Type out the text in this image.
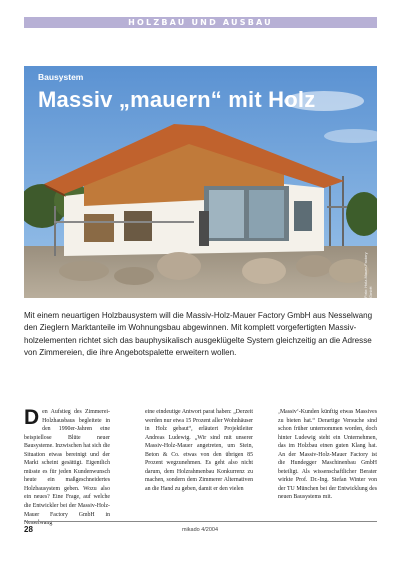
HOLZBAU UND AUSBAU
Bausystem
Massiv „mauern“ mit Holz
Foto: Holz-Mauer-Factory GmbH

Mit einem neuartigen Holzbausystem will die Massiv-Holz-Mauer Factory GmbH aus Nesselwang den Zieglern Marktanteile im Wohnungsbau abgewinnen. Mit komplett vorgefertigten Massiv- holzelementen richtet sich das bauphysikalisch ausgeklügelte System gleichzeitig an die Adresse von Zimmereien, die ihre Angebotspalette erweitern wollen.

D en Aufstieg des Zimmerei-Holzhausbaus begleitete in den 1990er-Jahren eine beispiellose Blüte neuer Bausysteme. Inzwischen hat sich die Situation etwas bereinigt und der Markt scheint gesättigt. Eigentlich müsste es für jeden Kundenwunsch heute ein maßgeschneidertes Holzbausystem geben. Wozu also ein neues? Eine Frage, auf welche die Entwickler bei der Massiv-Holz-Mauer Factory GmbH in Nesselwang
eine eindeutige Antwort parat haben: „Derzeit werden nur etwa 15 Prozent aller Wohnhäuser in Holz gebaut“, erläutert Projektleiter Andreas Ludewig. „Wir sind mit unserer Massiv-Holz-Mauer angetreten, um Stein, Beton & Co. etwas von den übrigen 85 Prozent wegzunehmen. Es geht also nicht darum, dem Holzrahmenbau Konkurrenz zu machen, sondern dem Zimmerer Alternativen an die Hand zu geben, damit er den vielen
‚Massiv‘-Kunden künftig etwas Massives zu bieten hat.“ Derartige Versuche sind schon früher unternommen worden, doch hinter Ludewig steht ein Unternehmen, das im Holzbau einen guten Klang hat. An der Massiv-Holz-Mauer Factory ist die Hundegger Maschinenbau GmbH beteiligt. Als wissenschaftlicher Berater wirkte Prof. Dr.-Ing. Stefan Winter von der TU München bei der Entwicklung des neuen Bausystems mit.
28	mikado 4/2004
